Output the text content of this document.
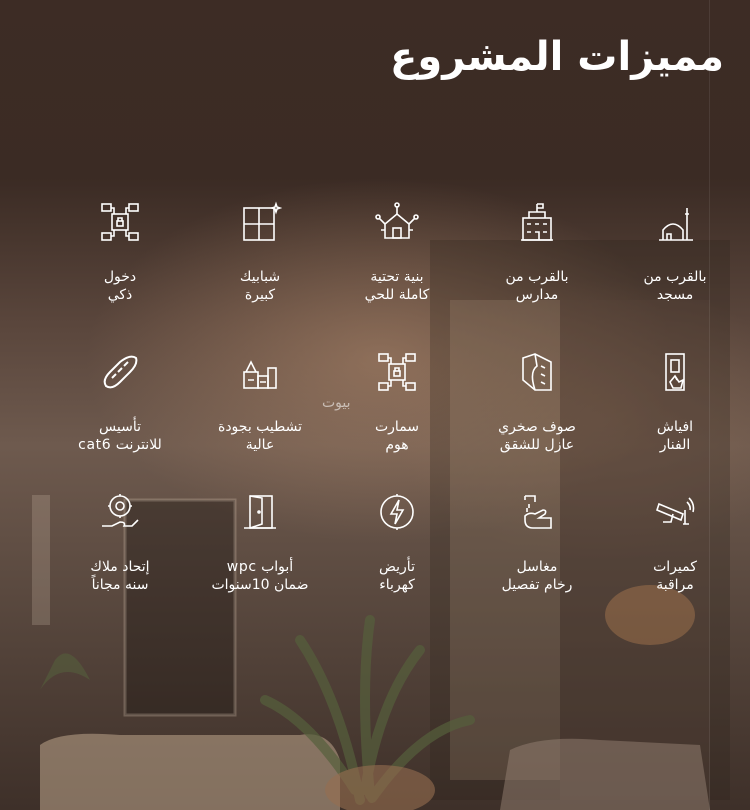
مميزات المشروع
بيوت
بالقرب من
مسجد
بالقرب من
مدارس
بنية تحتية
كاملة للحي
شبابيك
كبيرة
دخول
ذكي
افياش
الفنار
صوف صخري
عازل للشقق
سمارت
هوم
تشطيب بجودة
عالية
تأسيس
للانترنت cat6
كميرات
مراقبة
مغاسل
رخام تفصيل
تأريض
كهرباء
أبواب wpc
ضمان 10سنوات
إتحاد ملاك
سنه مجاناً
